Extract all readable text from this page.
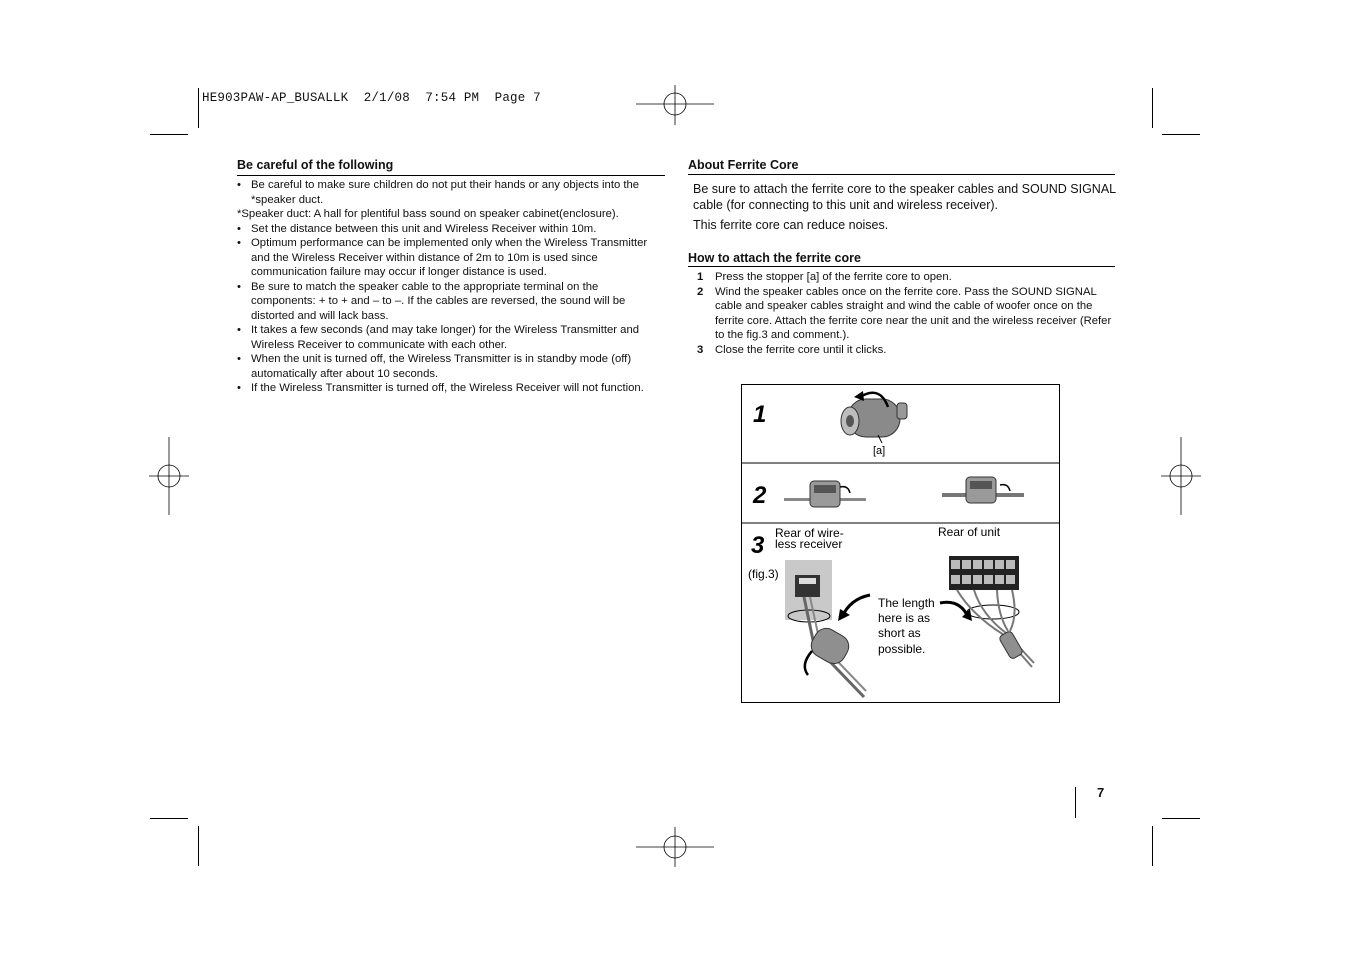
HE903PAW-AP_BUSALLK  2/1/08  7:54 PM  Page 7
Be careful of the following

• Be careful to make sure children do not put their hands or any objects into the *speaker duct.

*Speaker duct: A hall for plentiful bass sound on speaker cabinet(enclosure).

• Set the distance between this unit and Wireless Receiver within 10m.

• Optimum performance can be implemented only when the Wireless Transmitter and the Wireless Receiver within distance of 2m to 10m is used since communication failure may occur if longer distance is used.

• Be sure to match the speaker cable to the appropriate terminal on the components: + to + and – to –. If the cables are reversed, the sound will be distorted and will lack bass.

• It takes a few seconds (and may take longer) for the Wireless Transmitter and Wireless Receiver to communicate with each other.

• When the unit is turned off, the Wireless Transmitter is in standby mode (off) automatically after about 10 seconds.

• If the Wireless Transmitter is turned off, the Wireless Receiver will not function.

About Ferrite Core

Be sure to attach the ferrite core to the speaker cables and SOUND SIGNAL cable (for connecting to this unit and wireless receiver).

This ferrite core can reduce noises.

How to attach the ferrite core

1 Press the stopper [a] of the ferrite core to open.

2 Wind the speaker cables once on the ferrite core. Pass the SOUND SIGNAL cable and speaker cables straight and wind the cable of woofer once on the ferrite core. Attach the ferrite core near the unit and the wireless receiver (Refer to the fig.3 and comment.).

3 Close the ferrite core until it clicks.

1
2
3
[a]
Rear of wire-
less receiver
Rear of unit
(fig.3)
The length
here is as
short as
possible.
7
